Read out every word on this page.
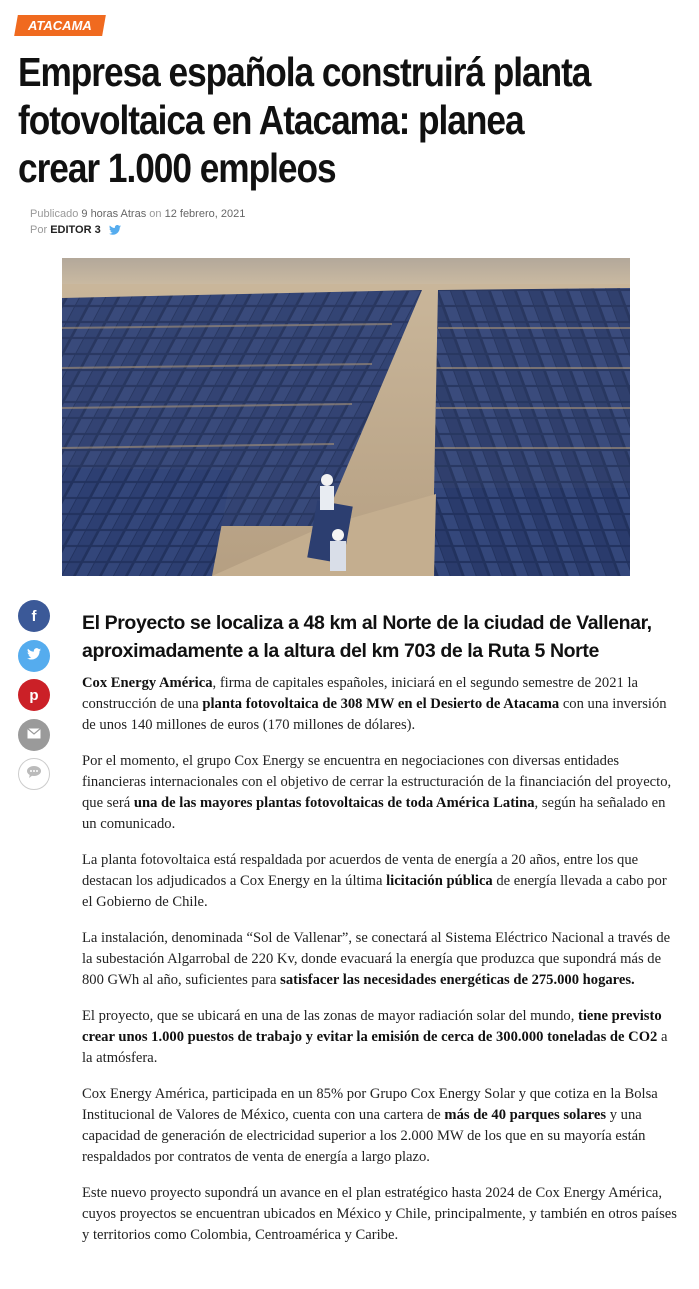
ATACAMA
Empresa española construirá planta fotovoltaica en Atacama: planea crear 1.000 empleos
Publicado 9 horas Atras on 12 febrero, 2021
Por EDITOR 3
f
p
El Proyecto se localiza a 48 km al Norte de la ciudad de Vallenar, aproximadamente a la altura del km 703 de la Ruta 5 Norte

Cox Energy América, firma de capitales españoles, iniciará en el segundo semestre de 2021 la construcción de una planta fotovoltaica de 308 MW en el Desierto de Atacama con una inversión de unos 140 millones de euros (170 millones de dólares).

Por el momento, el grupo Cox Energy se encuentra en negociaciones con diversas entidades financieras internacionales con el objetivo de cerrar la estructuración de la financiación del proyecto, que será una de las mayores plantas fotovoltaicas de toda América Latina, según ha señalado en un comunicado.

La planta fotovoltaica está respaldada por acuerdos de venta de energía a 20 años, entre los que destacan los adjudicados a Cox Energy en la última licitación pública de energía llevada a cabo por el Gobierno de Chile.

La instalación, denominada “Sol de Vallenar”, se conectará al Sistema Eléctrico Nacional a través de la subestación Algarrobal de 220 Kv, donde evacuará la energía que produzca que supondrá más de 800 GWh al año, suficientes para satisfacer las necesidades energéticas de 275.000 hogares.

El proyecto, que se ubicará en una de las zonas de mayor radiación solar del mundo, tiene previsto crear unos 1.000 puestos de trabajo y evitar la emisión de cerca de 300.000 toneladas de CO2 a la atmósfera.

Cox Energy América, participada en un 85% por Grupo Cox Energy Solar y que cotiza en la Bolsa Institucional de Valores de México, cuenta con una cartera de más de 40 parques solares y una capacidad de generación de electricidad superior a los 2.000 MW de los que en su mayoría están respaldados por contratos de venta de energía a largo plazo.

Este nuevo proyecto supondrá un avance en el plan estratégico hasta 2024 de Cox Energy América, cuyos proyectos se encuentran ubicados en México y Chile, principalmente, y también en otros países y territorios como Colombia, Centroamérica y Caribe.
